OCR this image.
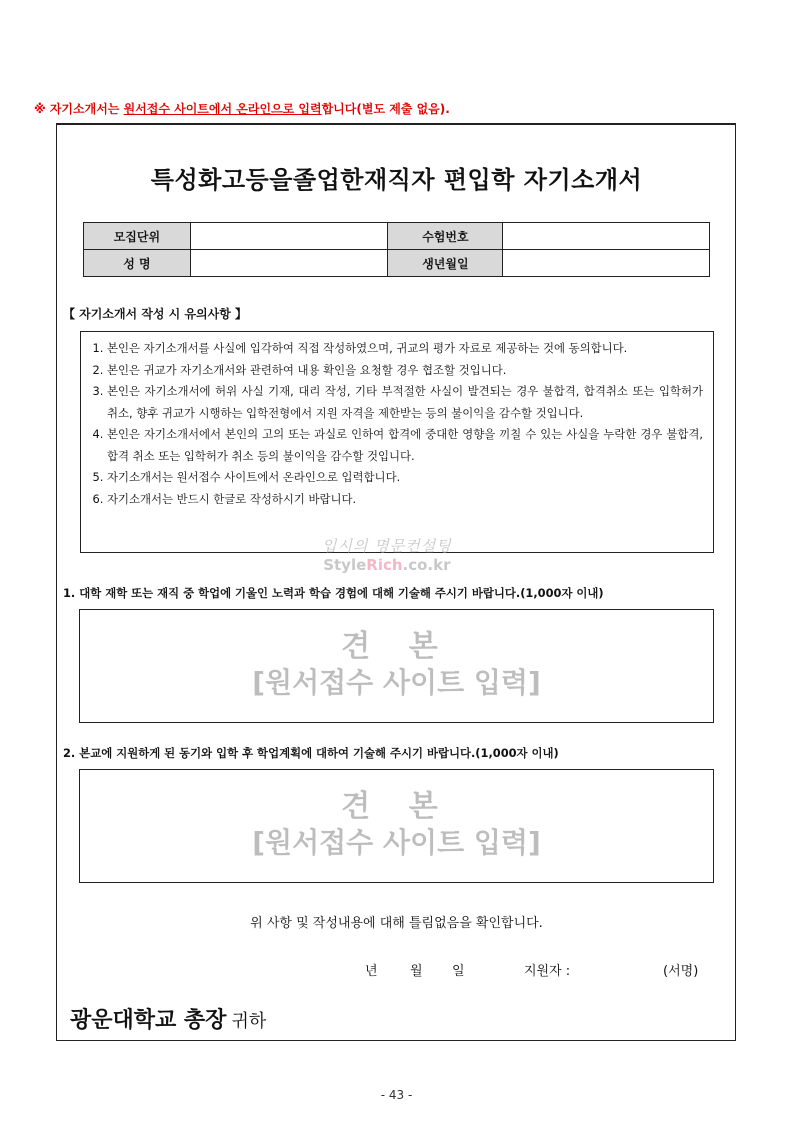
※ 자기소개서는 원서접수 사이트에서 온라인으로 입력합니다(별도 제출 없음).
특성화고등을졸업한재직자 편입학 자기소개서
모집단위		수험번호	
성 명		생년월일	
【 자기소개서 작성 시 유의사항 】
1. 본인은 자기소개서를 사실에 입각하여 직접 작성하였으며, 귀교의 평가 자료로 제공하는 것에 동의합니다.
2. 본인은 귀교가 자기소개서와 관련하여 내용 확인을 요청할 경우 협조할 것입니다.
3. 본인은 자기소개서에 허위 사실 기재, 대리 작성, 기타 부적절한 사실이 발견되는 경우 불합격, 합격취소 또는 입학허가 취소, 향후 귀교가 시행하는 입학전형에서 지원 자격을 제한받는 등의 불이익을 감수할 것입니다.
4. 본인은 자기소개서에서 본인의 고의 또는 과실로 인하여 합격에 중대한 영향을 끼칠 수 있는 사실을 누락한 경우 불합격, 합격 취소 또는 입학허가 취소 등의 불이익을 감수할 것입니다.
5. 자기소개서는 원서접수 사이트에서 온라인으로 입력합니다.
6. 자기소개서는 반드시 한글로 작성하시기 바랍니다.
입시의 명문컨설팅
StyleRich.co.kr
1. 대학 재학 또는 재직 중 학업에 기울인 노력과 학습 경험에 대해 기술해 주시기 바랍니다.(1,000자 이내)
견 본
[원서접수 사이트 입력]
2. 본교에 지원하게 된 동기와 입학 후 학업계획에 대하여 기술해 주시기 바랍니다.(1,000자 이내)
견 본
[원서접수 사이트 입력]
위 사항 및 작성내용에 대해 틀림없음을 확인합니다.
년 월 일	지원자 :	(서명)
광운대학교 총장 귀하
- 43 -
